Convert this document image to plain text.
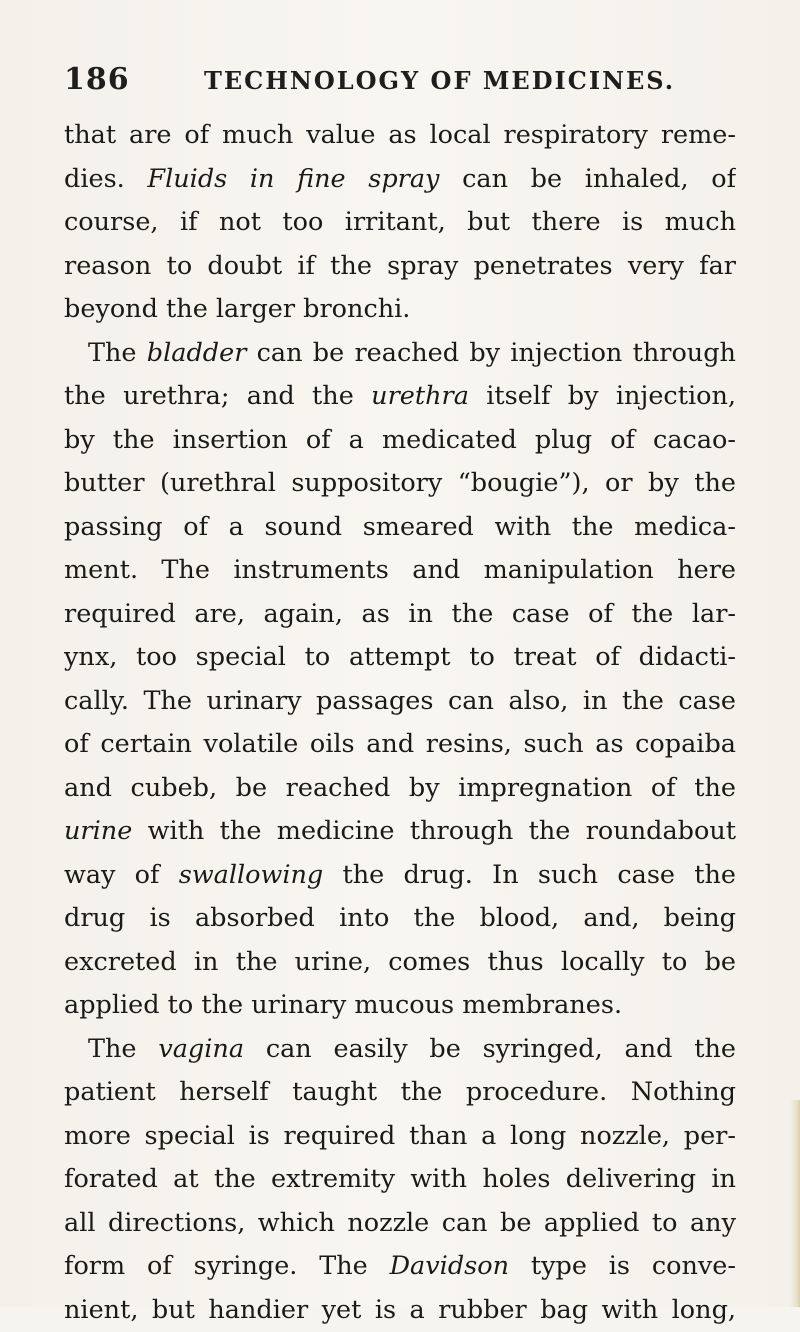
186	TECHNOLOGY OF MEDICINES.
that are of much value as local respiratory reme-
dies. Fluids in fine spray can be inhaled, of
course, if not too irritant, but there is much
reason to doubt if the spray penetrates very far
beyond the larger bronchi.
The bladder can be reached by injection through
the urethra; and the urethra itself by injection,
by the insertion of a medicated plug of cacao-
butter (urethral suppository “bougie”), or by the
passing of a sound smeared with the medica-
ment. The instruments and manipulation here
required are, again, as in the case of the lar-
ynx, too special to attempt to treat of didacti-
cally. The urinary passages can also, in the case
of certain volatile oils and resins, such as copaiba
and cubeb, be reached by impregnation of the
urine with the medicine through the roundabout
way of swallowing the drug. In such case the
drug is absorbed into the blood, and, being
excreted in the urine, comes thus locally to be
applied to the urinary mucous membranes.
The vagina can easily be syringed, and the
patient herself taught the procedure. Nothing
more special is required than a long nozzle, per-
forated at the extremity with holes delivering in
all directions, which nozzle can be applied to any
form of syringe. The Davidson type is conve-
nient, but handier yet is a rubber bag with long,
